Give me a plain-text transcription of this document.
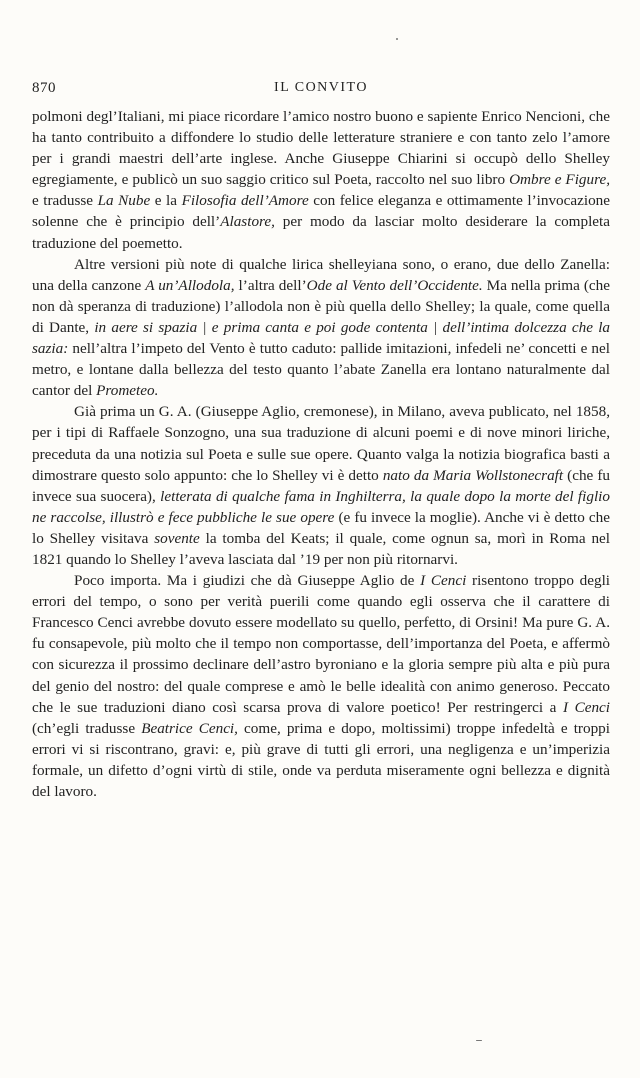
870	IL CONVITO

polmoni degl’Italiani, mi piace ricordare l’amico nostro buono e sapiente Enrico Nencioni, che ha tanto contribuito a diffondere lo studio delle letterature straniere e con tanto zelo l’amore per i grandi maestri dell’arte inglese. Anche Giuseppe Chiarini si occupò dello Shelley egregiamente, e publicò un suo saggio critico sul Poeta, raccolto nel suo libro Ombre e Figure, e tradusse La Nube e la Filosofia dell’Amore con felice eleganza e ottimamente l’invocazione solenne che è principio dell’Alastore, per modo da lasciar molto desiderare la completa traduzione del poemetto.

Altre versioni più note di qualche lirica shelleyiana sono, o erano, due dello Zanella: una della canzone A un’Allodola, l’altra dell’Ode al Vento dell’Occidente. Ma nella prima (che non dà speranza di traduzione) l’allodola non è più quella dello Shelley; la quale, come quella di Dante, in aere si spazia | e prima canta e poi gode contenta | dell’intima dolcezza che la sazia: nell’altra l’impeto del Vento è tutto caduto: pallide imitazioni, infedeli ne’ concetti e nel metro, e lontane dalla bellezza del testo quanto l’abate Zanella era lontano naturalmente dal cantor del Prometeo.

Già prima un G. A. (Giuseppe Aglio, cremonese), in Milano, aveva publicato, nel 1858, per i tipi di Raffaele Sonzogno, una sua traduzione di alcuni poemi e di nove minori liriche, preceduta da una notizia sul Poeta e sulle sue opere. Quanto valga la notizia biografica basti a dimostrare questo solo appunto: che lo Shelley vi è detto nato da Maria Wollstonecraft (che fu invece sua suocera), letterata di qualche fama in Inghilterra, la quale dopo la morte del figlio ne raccolse, illustrò e fece pubbliche le sue opere (e fu invece la moglie). Anche vi è detto che lo Shelley visitava sovente la tomba del Keats; il quale, come ognun sa, morì in Roma nel 1821 quando lo Shelley l’aveva lasciata dal ’19 per non più ritornarvi.

Poco importa. Ma i giudizi che dà Giuseppe Aglio de I Cenci risentono troppo degli errori del tempo, o sono per verità puerili come quando egli osserva che il carattere di Francesco Cenci avrebbe dovuto essere modellato su quello, perfetto, di Orsini! Ma pure G. A. fu consapevole, più molto che il tempo non comportasse, dell’importanza del Poeta, e affermò con sicurezza il prossimo declinare dell’astro byroniano e la gloria sempre più alta e più pura del genio del nostro: del quale comprese e amò le belle idealità con animo generoso. Peccato che le sue traduzioni diano così scarsa prova di valore poetico! Per restringerci a I Cenci (ch’egli tradusse Beatrice Cenci, come, prima e dopo, moltissimi) troppe infedeltà e troppi errori vi si riscontrano, gravi: e, più grave di tutti gli errori, una negligenza e un’imperizia formale, un difetto d’ogni virtù di stile, onde va perduta miseramente ogni bellezza e dignità del lavoro.
